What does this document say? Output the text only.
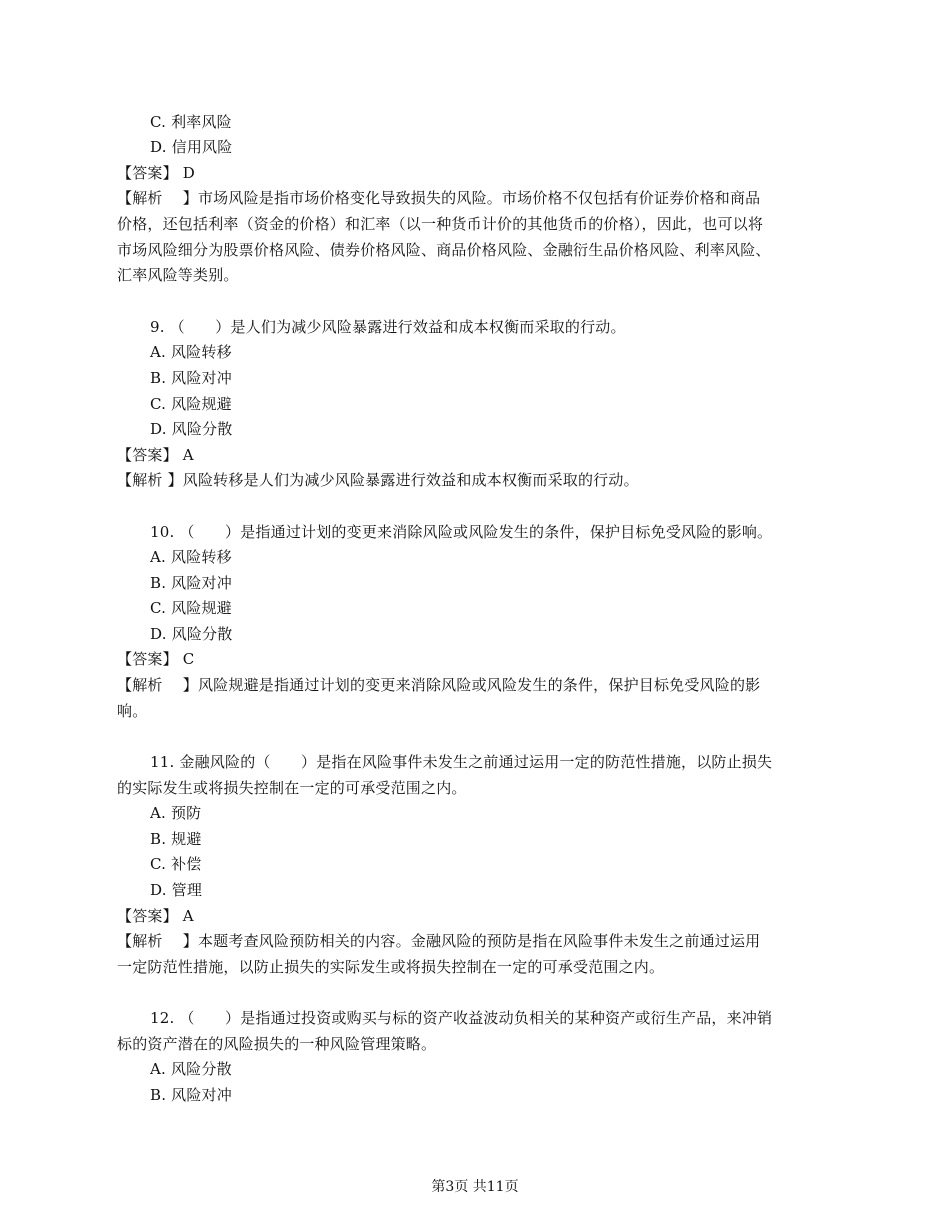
C. 利率风险
D. 信用风险
【答案】 D
【解析　 】市场风险是指市场价格变化导致损失的风险。市场价格不仅包括有价证券价格和商品
价格，还包括利率（资金的价格）和汇率（以一种货币计价的其他货币的价格），因此，也可以将
市场风险细分为股票价格风险、债券价格风险、商品价格风险、金融衍生品价格风险、利率风险、
汇率风险等类别。
9. （　　）是人们为减少风险暴露进行效益和成本权衡而采取的行动。
A. 风险转移
B. 风险对冲
C. 风险规避
D. 风险分散
【答案】 A
【解析 】风险转移是人们为减少风险暴露进行效益和成本权衡而采取的行动。
10. （　　）是指通过计划的变更来消除风险或风险发生的条件，保护目标免受风险的影响。
A. 风险转移
B. 风险对冲
C. 风险规避
D. 风险分散
【答案】 C
【解析　 】风险规避是指通过计划的变更来消除风险或风险发生的条件，保护目标免受风险的影
响。
11. 金融风险的（　　）是指在风险事件未发生之前通过运用一定的防范性措施，以防止损失
的实际发生或将损失控制在一定的可承受范围之内。
A. 预防
B. 规避
C. 补偿
D. 管理
【答案】 A
【解析　 】本题考查风险预防相关的内容。金融风险的预防是指在风险事件未发生之前通过运用
一定防范性措施，以防止损失的实际发生或将损失控制在一定的可承受范围之内。
12. （　　）是指通过投资或购买与标的资产收益波动负相关的某种资产或衍生产品，来冲销
标的资产潜在的风险损失的一种风险管理策略。
A. 风险分散
B. 风险对冲
第3页 共11页
